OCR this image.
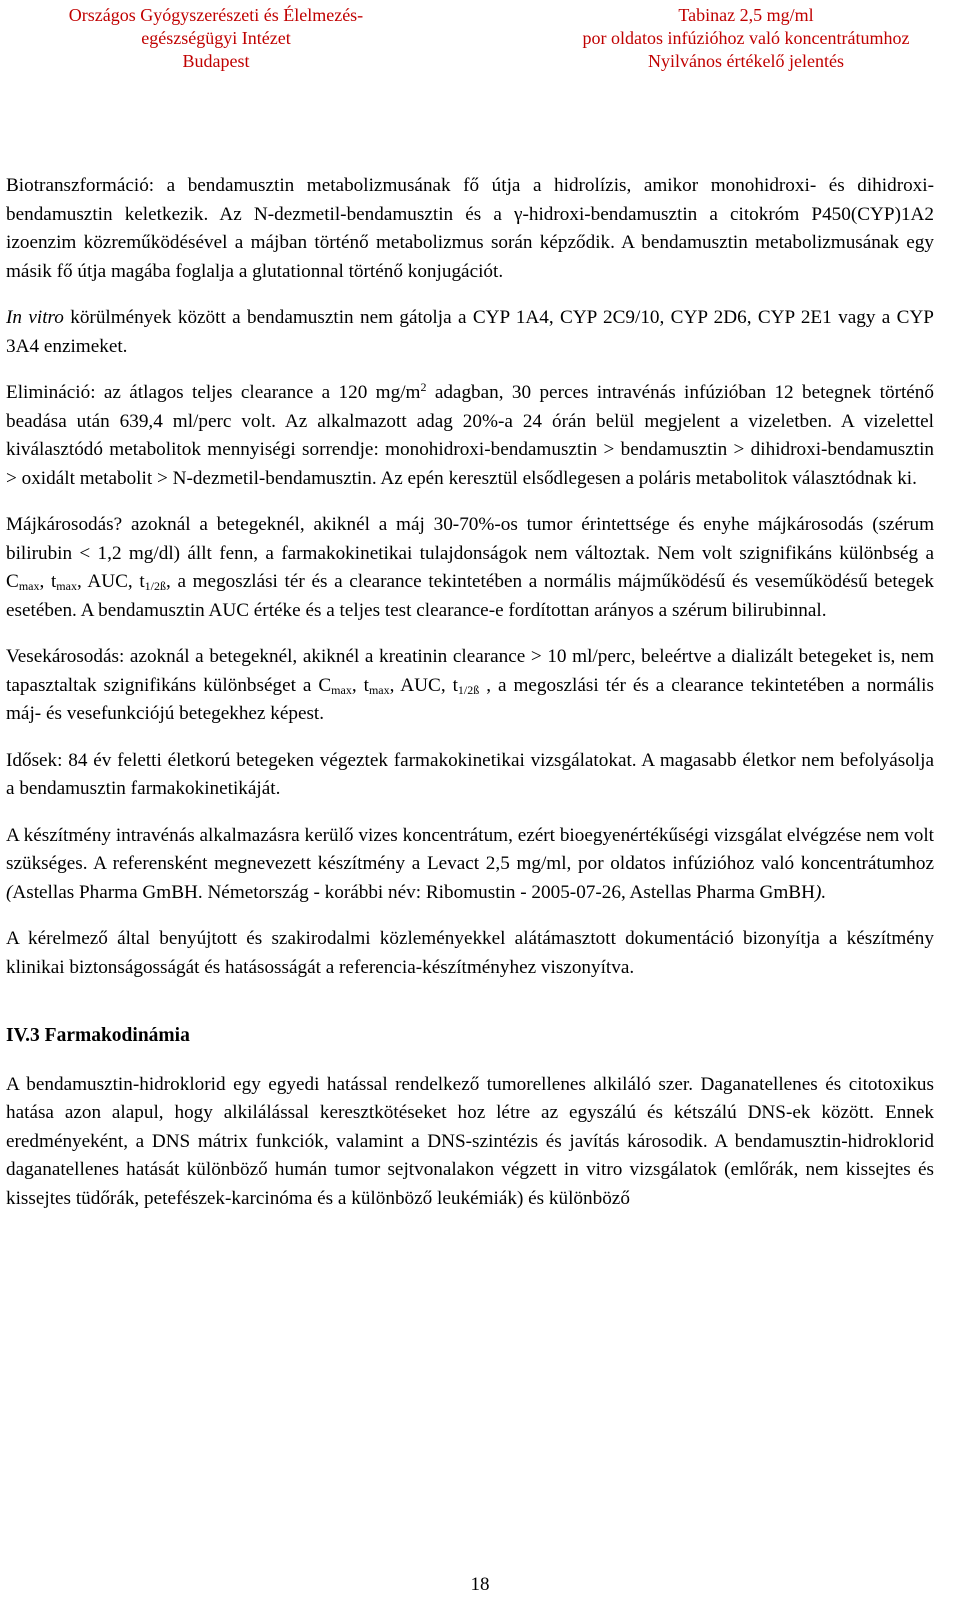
Országos Gyógyszerészeti és Élelmezés-
egészségügyi Intézet
Budapest
Tabinaz 2,5 mg/ml
por oldatos infúzióhoz való koncentrátumhoz
Nyilvános értékelő jelentés

Biotranszformáció: a bendamusztin metabolizmusának fő útja a hidrolízis, amikor monohidroxi- és dihidroxi-bendamusztin keletkezik. Az N-dezmetil-bendamusztin és a γ-hidroxi-bendamusztin a citokróm P450(CYP)1A2 izoenzim közreműködésével a májban történő metabolizmus során képződik. A bendamusztin metabolizmusának egy másik fő útja magába foglalja a glutationnal történő konjugációt.

In vitro körülmények között a bendamusztin nem gátolja a CYP 1A4, CYP 2C9/10, CYP 2D6, CYP 2E1 vagy a CYP 3A4 enzimeket.

Elimináció: az átlagos teljes clearance a 120 $mg/m^2$ adagban, 30 perces intravénás infúzióban 12 betegnek történő beadása után 639,4 ml/perc volt. Az alkalmazott adag 20%-a 24 órán belül megjelent a vizeletben. A vizelettel kiválasztódó metabolitok mennyiségi sorrendje: monohidroxi-bendamusztin > bendamusztin > dihidroxi-bendamusztin > oxidált metabolit > N-dezmetil-bendamusztin. Az epén keresztül elsődlegesen a poláris metabolitok választódnak ki.

Májkárosodás? azoknál a betegeknél, akiknél a máj 30-70%-os tumor érintettsége és enyhe májkárosodás (szérum bilirubin < 1,2 mg/dl) állt fenn, a farmakokinetikai tulajdonságok nem változtak. Nem volt szignifikáns különbség a $C_{max}$, $t_{max}$, AUC, $t_{1/2ß}$, a megoszlási tér és a clearance tekintetében a normális májműködésű és veseműködésű betegek esetében. A bendamusztin AUC értéke és a teljes test clearance-e fordítottan arányos a szérum bilirubinnal.

Vesekárosodás: azoknál a betegeknél, akiknél a kreatinin clearance > 10 ml/perc, beleértve a dializált betegeket is, nem tapasztaltak szignifikáns különbséget a $C_{max}$, $t_{max}$, AUC, $t_{1/2ß}$ , a megoszlási tér és a clearance tekintetében a normális máj- és vesefunkciójú betegekhez képest.

Idősek: 84 év feletti életkorú betegeken végeztek farmakokinetikai vizsgálatokat. A magasabb életkor nem befolyásolja a bendamusztin farmakokinetikáját.

A készítmény intravénás alkalmazásra kerülő vizes koncentrátum, ezért bioegyenértékűségi vizsgálat elvégzése nem volt szükséges. A referensként megnevezett készítmény a Levact 2,5 mg/ml, por oldatos infúzióhoz való koncentrátumhoz (Astellas Pharma GmBH. Németország - korábbi név: Ribomustin - 2005-07-26, Astellas Pharma GmBH).

A kérelmező által benyújtott és szakirodalmi közleményekkel alátámasztott dokumentáció bizonyítja a készítmény klinikai biztonságosságát és hatásosságát a referencia-készítményhez viszonyítva.

IV.3 Farmakodinámia

A bendamusztin-hidroklorid egy egyedi hatással rendelkező tumorellenes alkiláló szer. Daganatellenes és citotoxikus hatása azon alapul, hogy alkilálással keresztkötéseket hoz létre az egyszálú és kétszálú DNS-ek között. Ennek eredményeként, a DNS mátrix funkciók, valamint a DNS-szintézis és javítás károsodik. A bendamusztin-hidroklorid daganatellenes hatását különböző humán tumor sejtvonalakon végzett in vitro vizsgálatok (emlőrák, nem kissejtes és kissejtes tüdőrák, petefészek-karcinóma és a különböző leukémiák) és különböző

18
